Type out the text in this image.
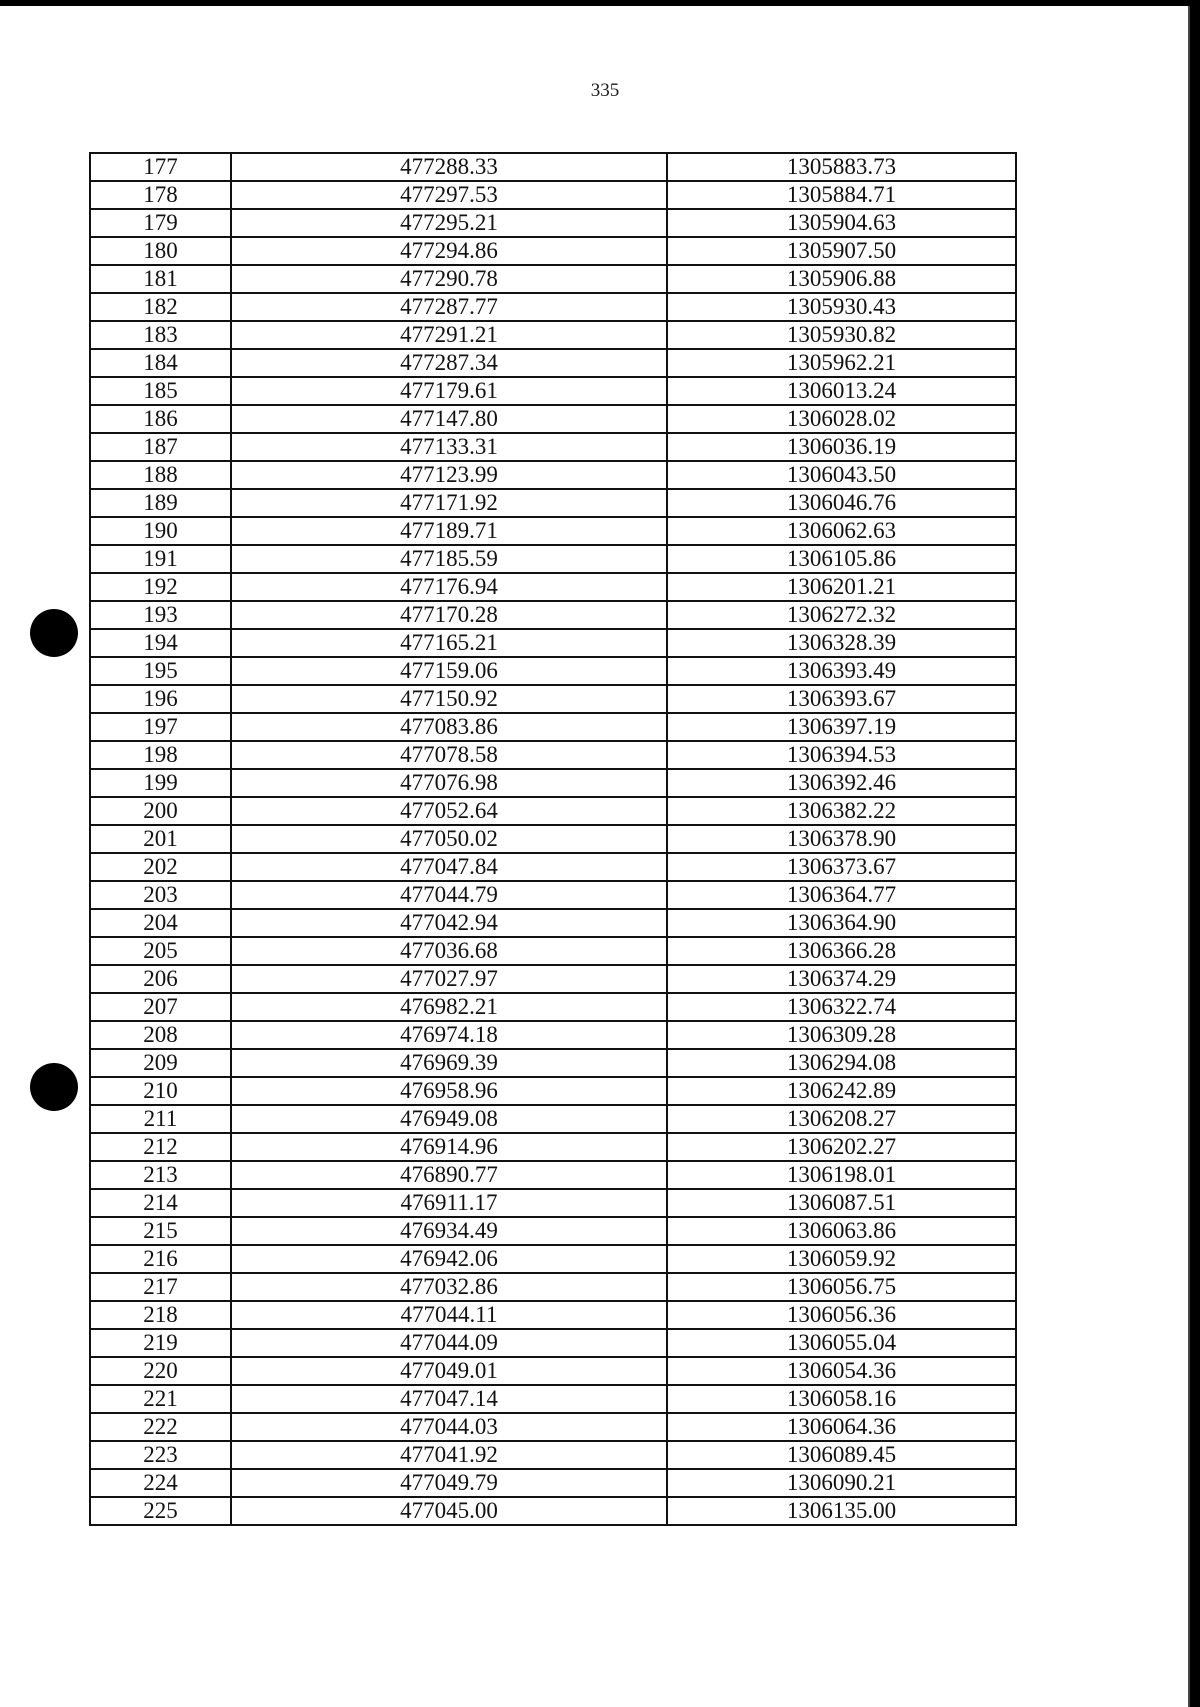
335
177	477288.33	1305883.73
178	477297.53	1305884.71
179	477295.21	1305904.63
180	477294.86	1305907.50
181	477290.78	1305906.88
182	477287.77	1305930.43
183	477291.21	1305930.82
184	477287.34	1305962.21
185	477179.61	1306013.24
186	477147.80	1306028.02
187	477133.31	1306036.19
188	477123.99	1306043.50
189	477171.92	1306046.76
190	477189.71	1306062.63
191	477185.59	1306105.86
192	477176.94	1306201.21
193	477170.28	1306272.32
194	477165.21	1306328.39
195	477159.06	1306393.49
196	477150.92	1306393.67
197	477083.86	1306397.19
198	477078.58	1306394.53
199	477076.98	1306392.46
200	477052.64	1306382.22
201	477050.02	1306378.90
202	477047.84	1306373.67
203	477044.79	1306364.77
204	477042.94	1306364.90
205	477036.68	1306366.28
206	477027.97	1306374.29
207	476982.21	1306322.74
208	476974.18	1306309.28
209	476969.39	1306294.08
210	476958.96	1306242.89
211	476949.08	1306208.27
212	476914.96	1306202.27
213	476890.77	1306198.01
214	476911.17	1306087.51
215	476934.49	1306063.86
216	476942.06	1306059.92
217	477032.86	1306056.75
218	477044.11	1306056.36
219	477044.09	1306055.04
220	477049.01	1306054.36
221	477047.14	1306058.16
222	477044.03	1306064.36
223	477041.92	1306089.45
224	477049.79	1306090.21
225	477045.00	1306135.00
